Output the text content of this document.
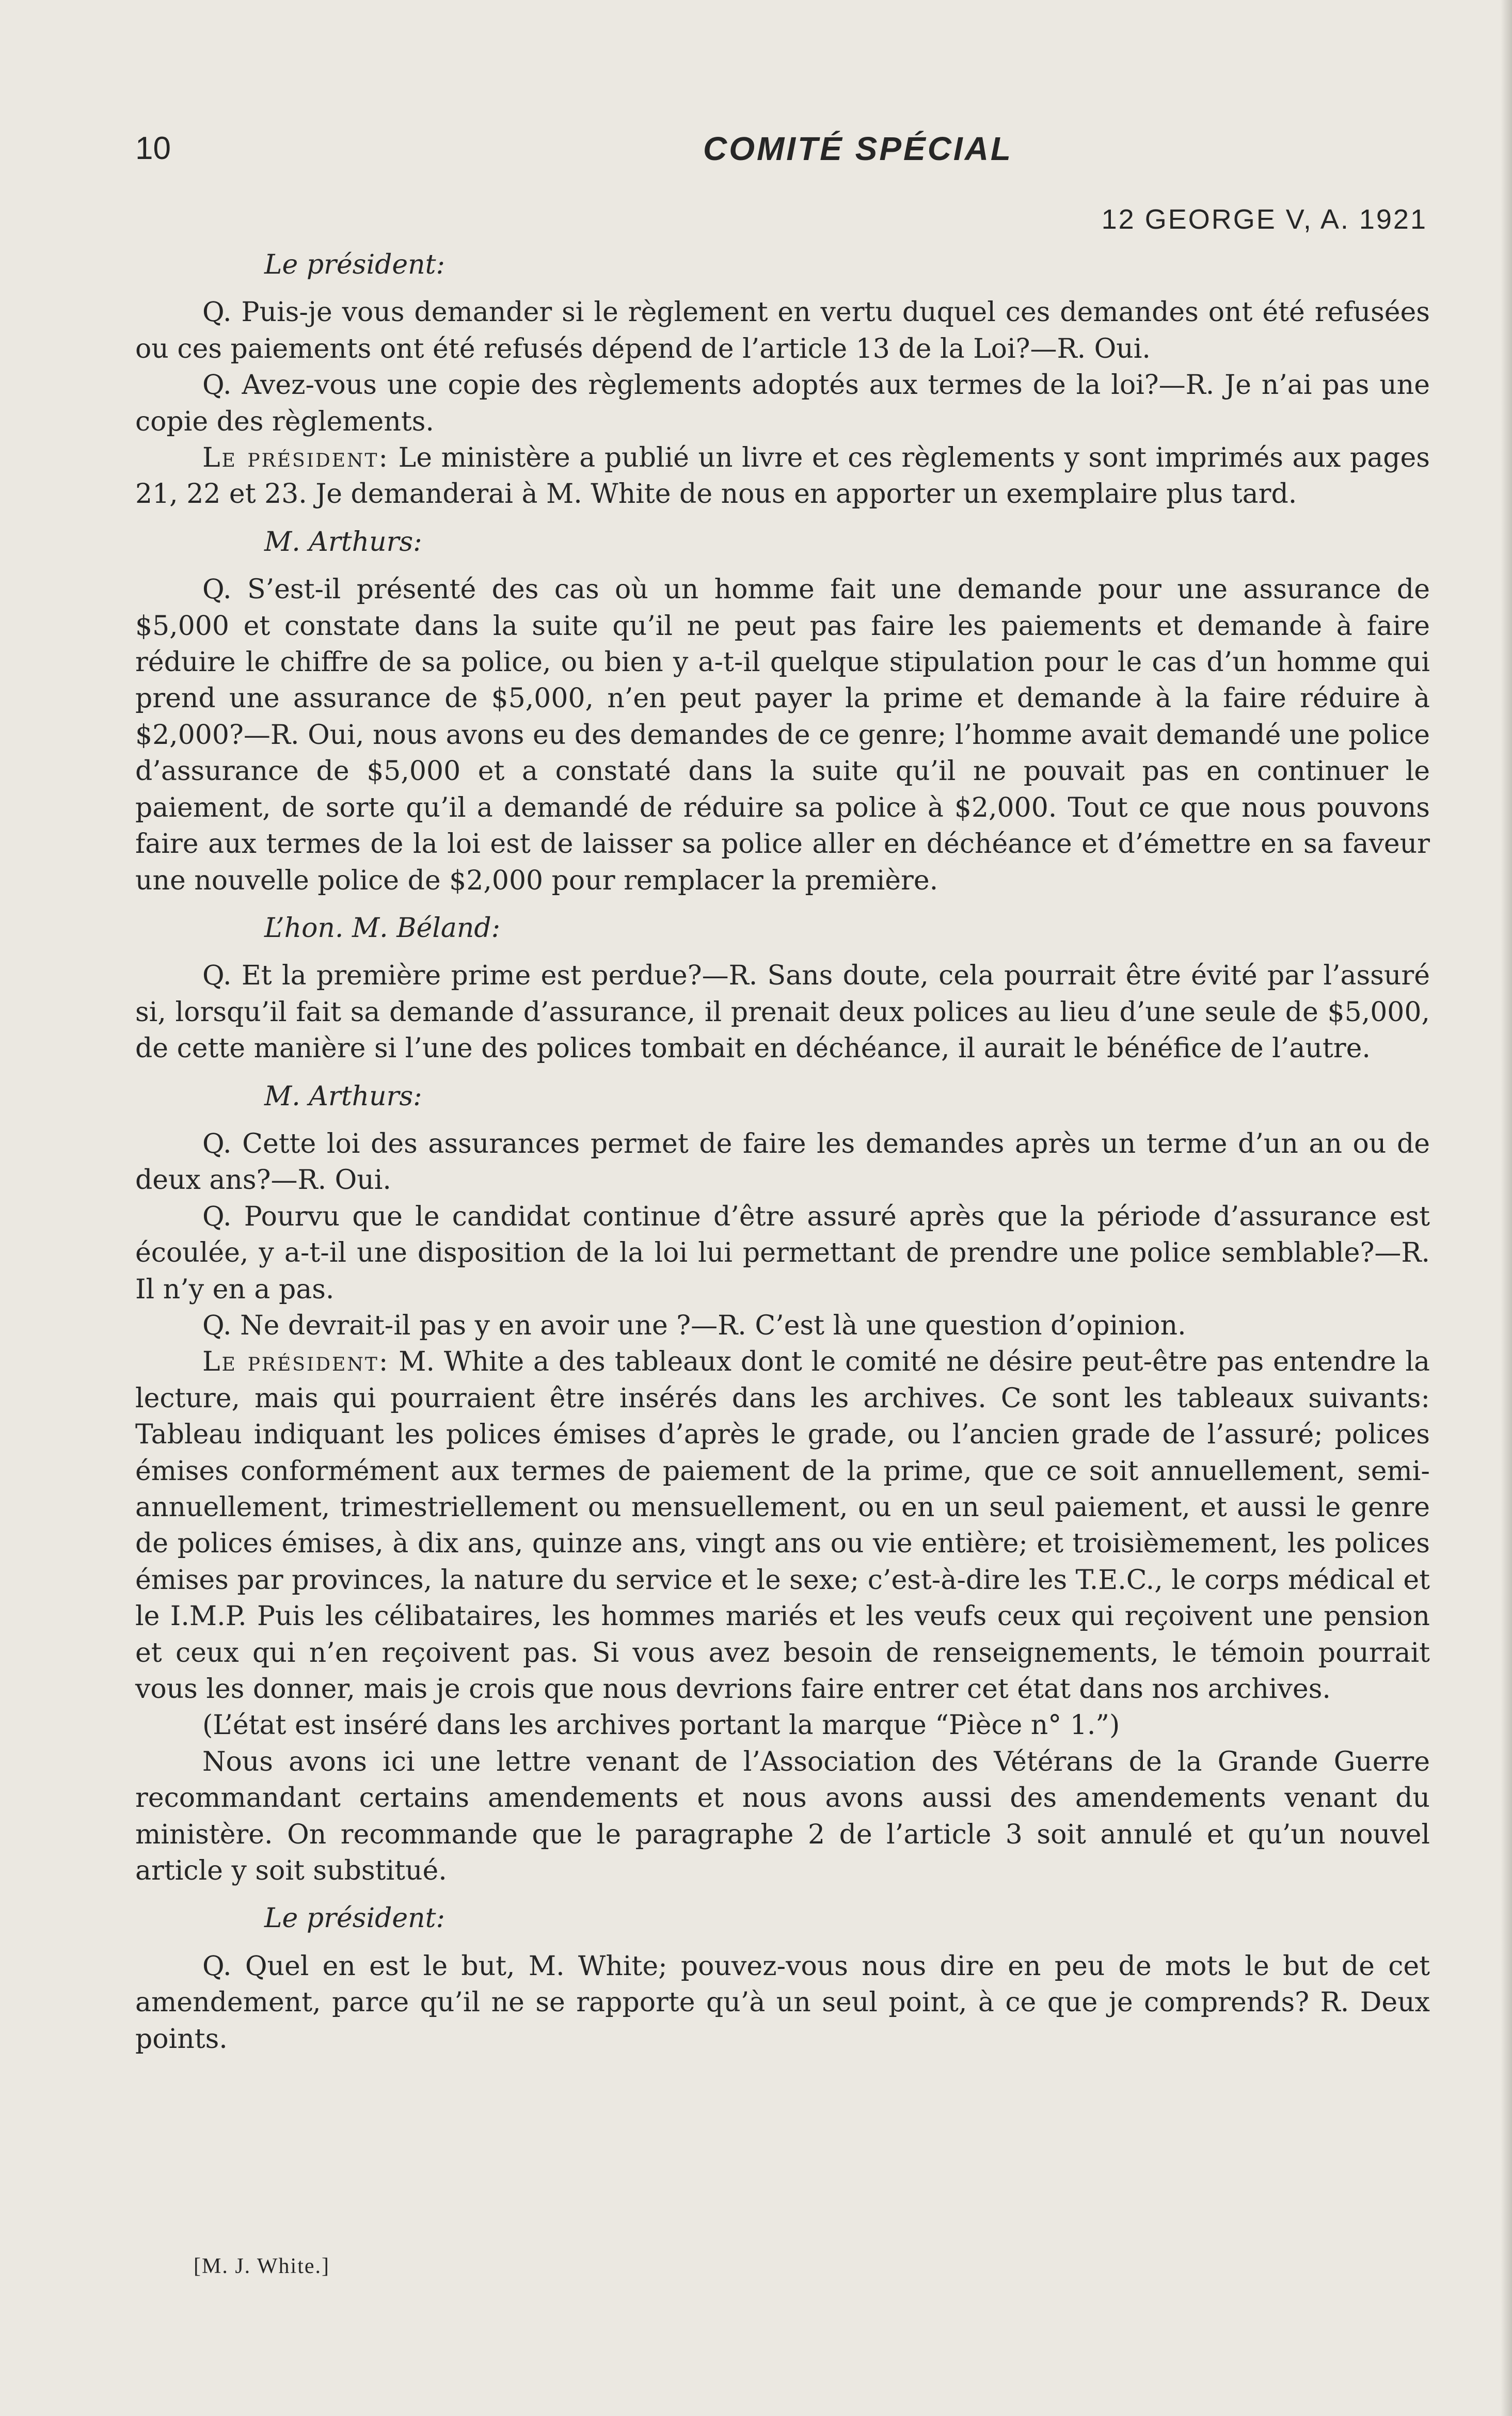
10	COMITÉ SPÉCIAL
12 GEORGE V, A. 1921

Le président:

Q. Puis-je vous demander si le règlement en vertu duquel ces demandes ont été refusées ou ces paiements ont été refusés dépend de l’article 13 de la Loi?—R. Oui.

Q. Avez-vous une copie des règlements adoptés aux termes de la loi?—R. Je n’ai pas une copie des règlements.

Le président: Le ministère a publié un livre et ces règlements y sont imprimés aux pages 21, 22 et 23. Je demanderai à M. White de nous en apporter un exemplaire plus tard.

M. Arthurs:

Q. S’est-il présenté des cas où un homme fait une demande pour une assurance de $5,000 et constate dans la suite qu’il ne peut pas faire les paiements et demande à faire réduire le chiffre de sa police, ou bien y a-t-il quelque stipulation pour le cas d’un homme qui prend une assurance de $5,000, n’en peut payer la prime et demande à la faire réduire à $2,000?—R. Oui, nous avons eu des demandes de ce genre; l’homme avait demandé une police d’assurance de $5,000 et a constaté dans la suite qu’il ne pouvait pas en continuer le paiement, de sorte qu’il a demandé de réduire sa police à $2,000. Tout ce que nous pouvons faire aux termes de la loi est de laisser sa police aller en déchéance et d’émettre en sa faveur une nouvelle police de $2,000 pour remplacer la première.

L’hon. M. Béland:

Q. Et la première prime est perdue?—R. Sans doute, cela pourrait être évité par l’assuré si, lorsqu’il fait sa demande d’assurance, il prenait deux polices au lieu d’une seule de $5,000, de cette manière si l’une des polices tombait en déchéance, il aurait le bénéfice de l’autre.

M. Arthurs:

Q. Cette loi des assurances permet de faire les demandes après un terme d’un an ou de deux ans?—R. Oui.

Q. Pourvu que le candidat continue d’être assuré après que la période d’assurance est écoulée, y a-t-il une disposition de la loi lui permettant de prendre une police semblable?—R. Il n’y en a pas.

Q. Ne devrait-il pas y en avoir une ?—R. C’est là une question d’opinion.

Le président: M. White a des tableaux dont le comité ne désire peut-être pas entendre la lecture, mais qui pourraient être insérés dans les archives. Ce sont les tableaux suivants: Tableau indiquant les polices émises d’après le grade, ou l’ancien grade de l’assuré; polices émises conformément aux termes de paiement de la prime, que ce soit annuellement, semi-annuellement, trimestriellement ou mensuellement, ou en un seul paiement, et aussi le genre de polices émises, à dix ans, quinze ans, vingt ans ou vie entière; et troisièmement, les polices émises par provinces, la nature du service et le sexe; c’est-à-dire les T.E.C., le corps médical et le I.M.P. Puis les célibataires, les hommes mariés et les veufs ceux qui reçoivent une pension et ceux qui n’en reçoivent pas. Si vous avez besoin de renseignements, le témoin pourrait vous les donner, mais je crois que nous devrions faire entrer cet état dans nos archives.

(L’état est inséré dans les archives portant la marque “Pièce n° 1.”)

Nous avons ici une lettre venant de l’Association des Vétérans de la Grande Guerre recommandant certains amendements et nous avons aussi des amendements venant du ministère. On recommande que le paragraphe 2 de l’article 3 soit annulé et qu’un nouvel article y soit substitué.

Le président:

Q. Quel en est le but, M. White; pouvez-vous nous dire en peu de mots le but de cet amendement, parce qu’il ne se rapporte qu’à un seul point, à ce que je comprends? R. Deux points.

[M. J. White.]
